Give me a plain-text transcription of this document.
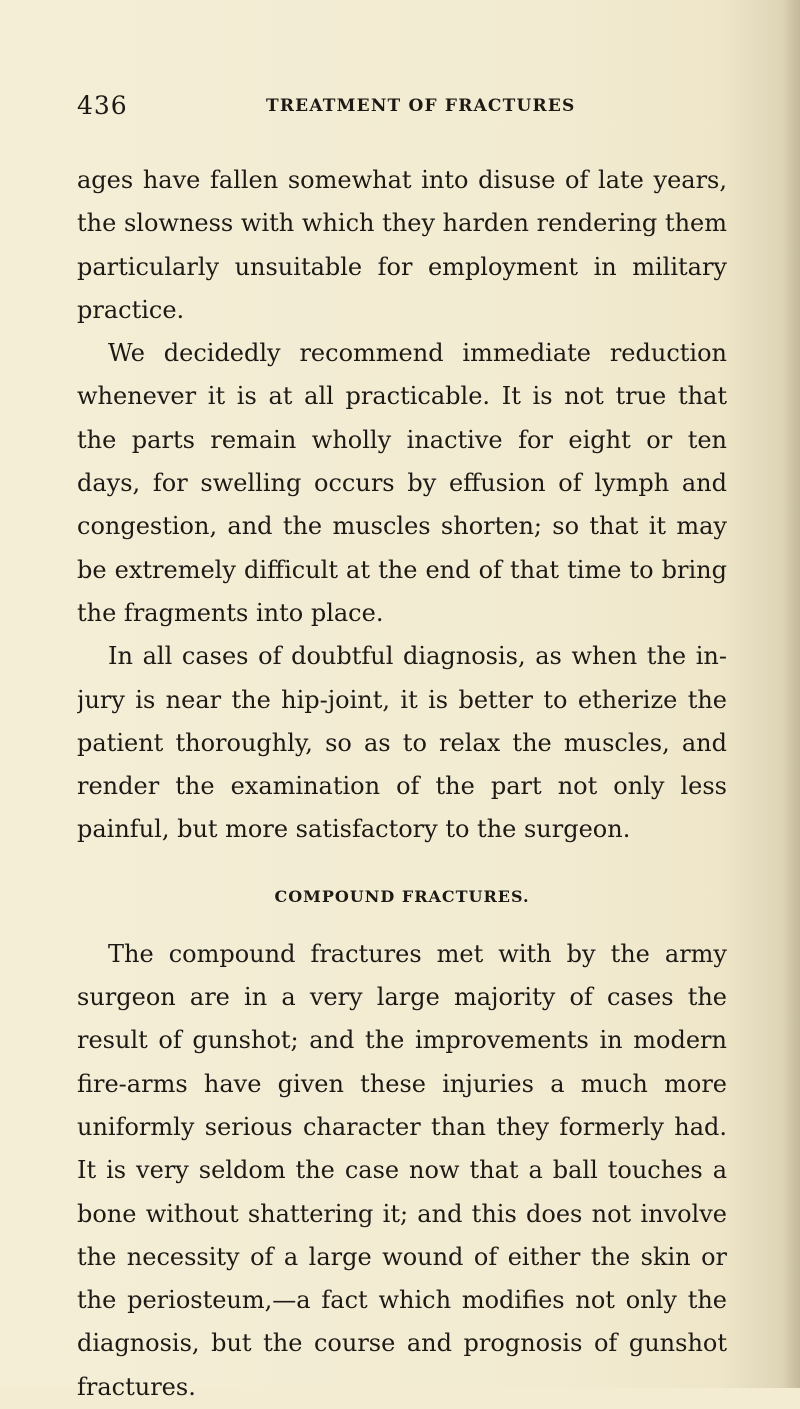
436	TREATMENT OF FRACTURES
ages have fallen somewhat into disuse of late years,
the slowness with which they harden rendering them
particularly unsuitable for employment in military
practice.
We decidedly recommend immediate reduction
whenever it is at all practicable. It is not true that
the parts remain wholly inactive for eight or ten
days, for swelling occurs by effusion of lymph and
congestion, and the muscles shorten; so that it may
be extremely difficult at the end of that time to bring
the fragments into place.
In all cases of doubtful diagnosis, as when the in-
jury is near the hip-joint, it is better to etherize the
patient thoroughly, so as to relax the muscles, and
render the examination of the part not only less
painful, but more satisfactory to the surgeon.
COMPOUND FRACTURES.
The compound fractures met with by the army
surgeon are in a very large majority of cases the
result of gunshot; and the improvements in modern
fire-arms have given these injuries a much more
uniformly serious character than they formerly had.
It is very seldom the case now that a ball touches a
bone without shattering it; and this does not involve
the necessity of a large wound of either the skin or
the periosteum,—a fact which modifies not only the
diagnosis, but the course and prognosis of gunshot
fractures.
